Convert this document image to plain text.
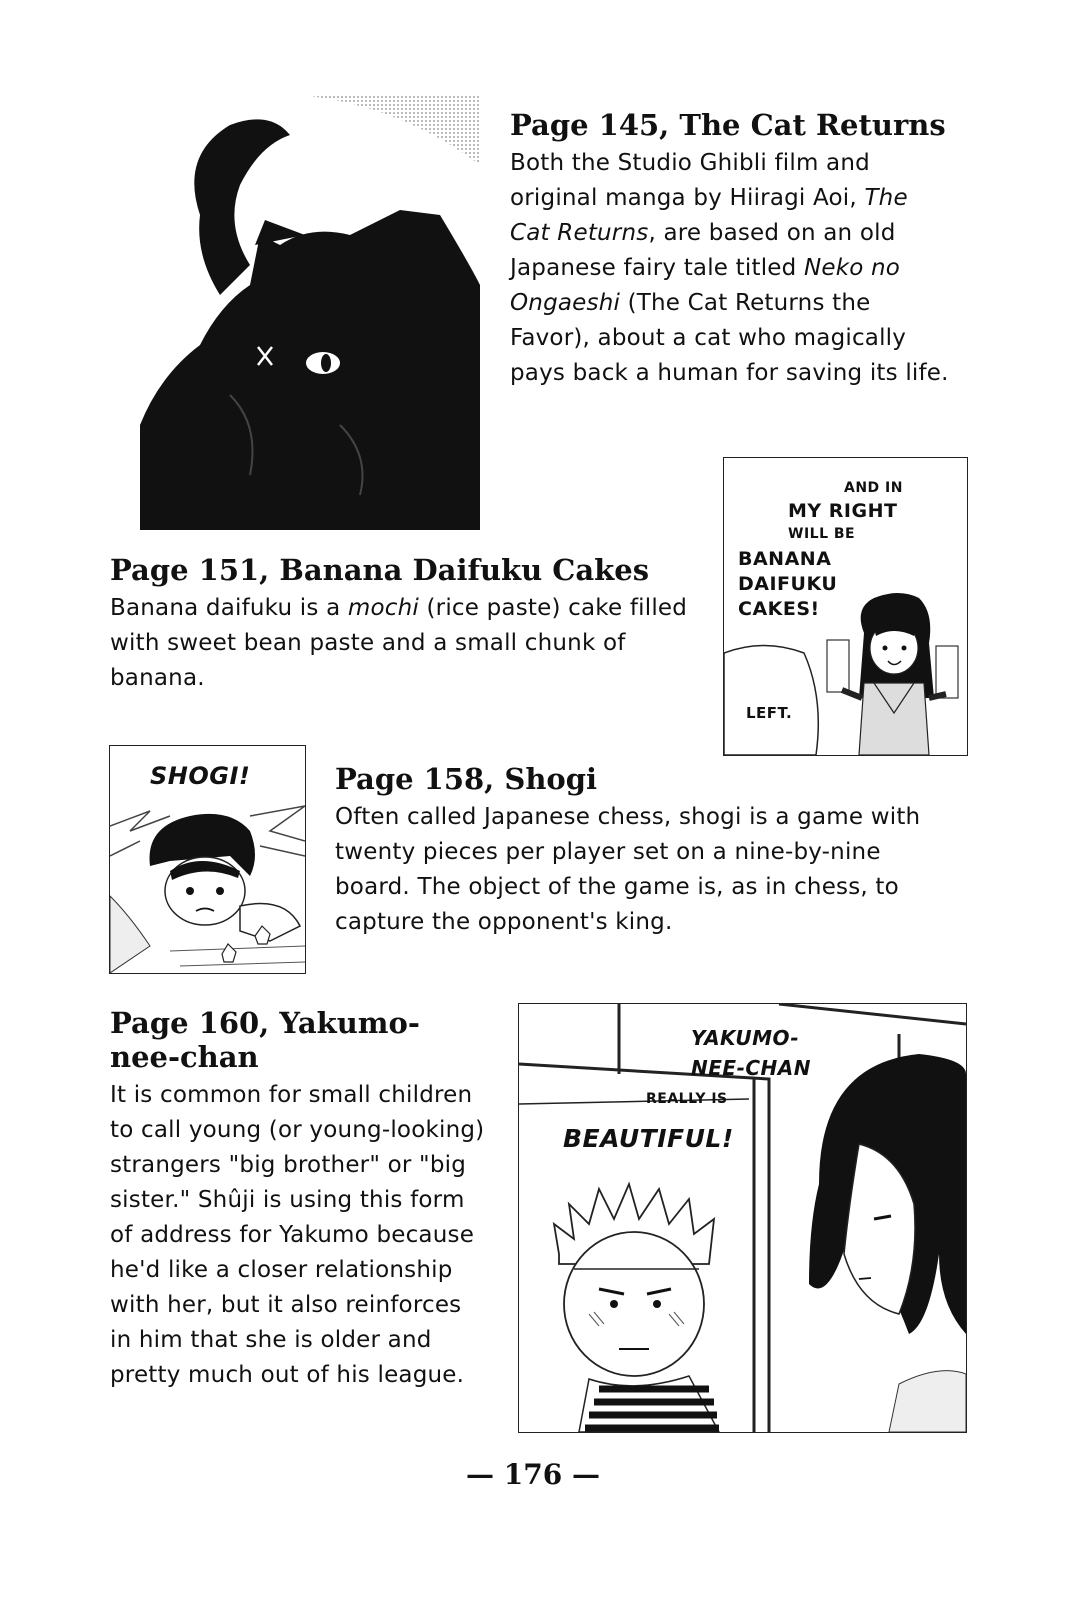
Page 145, The Cat Returns

Both the Studio Ghibli film and original manga by Hiiragi Aoi, The Cat Returns, are based on an old Japanese fairy tale titled Neko no Ongaeshi (The Cat Returns the Favor), about a cat who magically pays back a human for saving its life.

AND IN
MY RIGHT
WILL BE
BANANA
DAIFUKU
CAKES!
LEFT.
Page 151, Banana Daifuku Cakes

Banana daifuku is a mochi (rice paste) cake filled with sweet bean paste and a small chunk of banana.

SHOGI!	Page 158, Shogi

Often called Japanese chess, shogi is a game with twenty pieces per player set on a nine-by-nine board. The object of the game is, as in chess, to capture the opponent's king.

Page 160, Yakumo-nee-chan

It is common for small children to call young (or young-looking) strangers "big brother" or "big sister." Shûji is using this form of address for Yakumo because he'd like a closer relationship with her, but it also reinforces in him that she is older and pretty much out of his league.

YAKUMO-
NEE-CHAN
REALLY IS
BEAUTIFUL!
— 176 —
